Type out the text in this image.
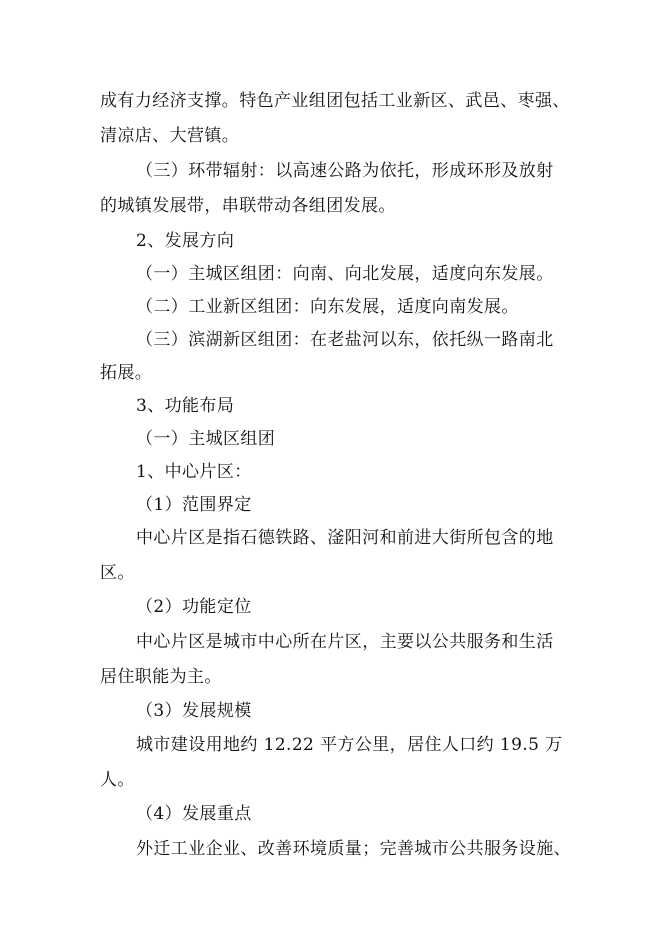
成有力经济支撑。特色产业组团包括工业新区、武邑、枣强、
清凉店、大营镇。
（三）环带辐射：以高速公路为依托，形成环形及放射
的城镇发展带，串联带动各组团发展。
2、发展方向
（一）主城区组团：向南、向北发展，适度向东发展。
（二）工业新区组团：向东发展，适度向南发展。
（三）滨湖新区组团：在老盐河以东，依托纵一路南北
拓展。
3、功能布局
（一）主城区组团
1、中心片区：
（1）范围界定
中心片区是指石德铁路、滏阳河和前进大街所包含的地
区。
（2）功能定位
中心片区是城市中心所在片区，主要以公共服务和生活
居住职能为主。
（3）发展规模
城市建设用地约 12.22 平方公里，居住人口约 19.5 万
人。
（4）发展重点
外迁工业企业、改善环境质量；完善城市公共服务设施、
